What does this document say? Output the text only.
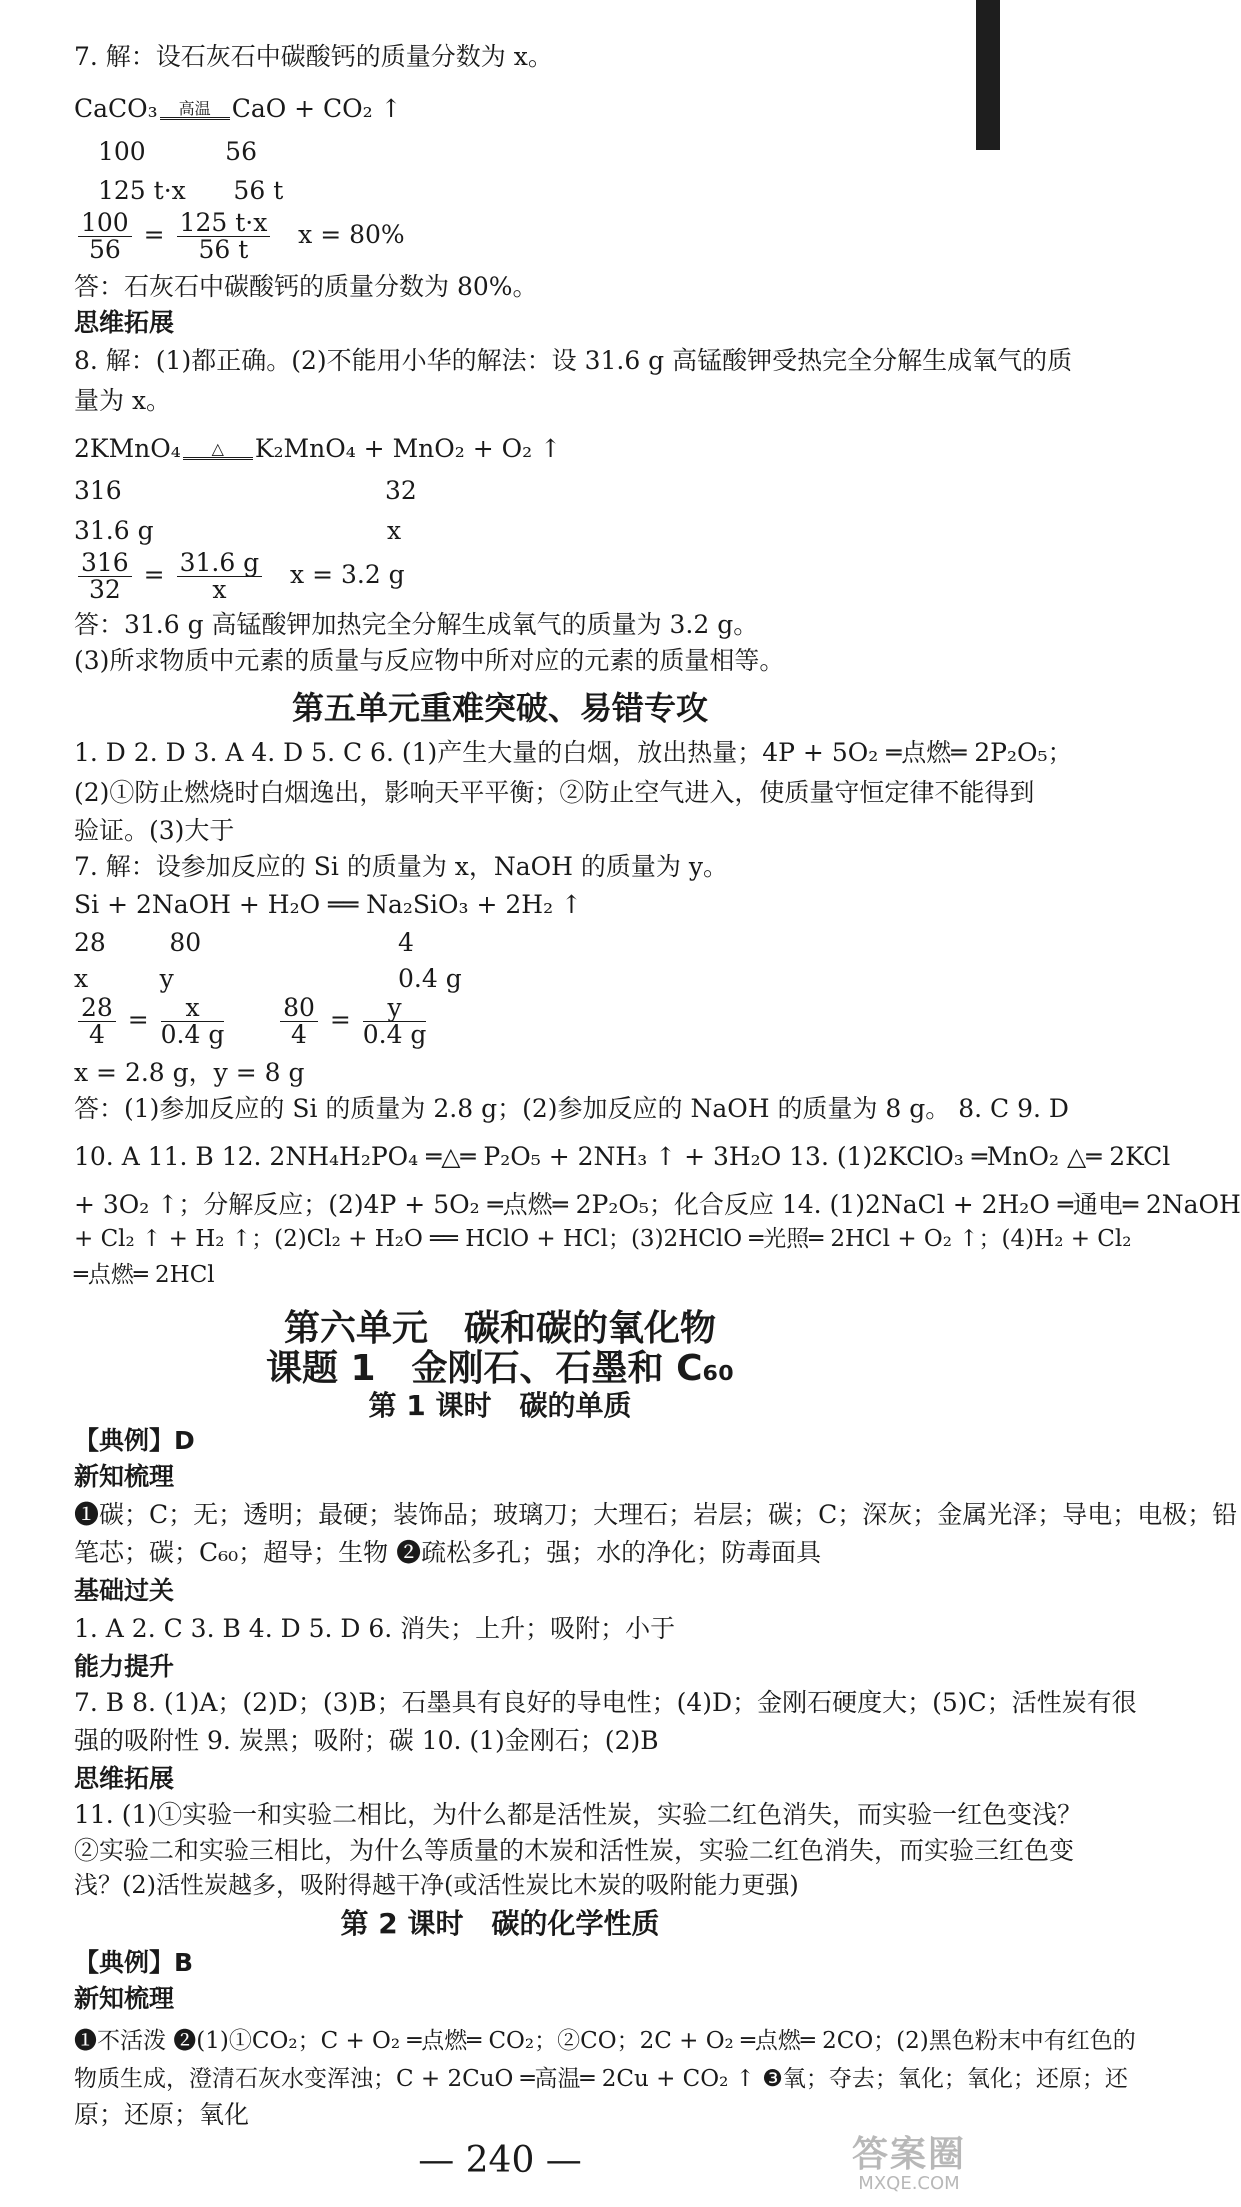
7. 解：设石灰石中碳酸钙的质量分数为 x。
CaCO₃	高温 CaO + CO₂ ↑
100          56
125 t·x      56 t
$\frac{100}{56} = \frac{125 t\cdot x}{56 t}$ x = 80%
答：石灰石中碳酸钙的质量分数为 80%。
思维拓展
8. 解：(1)都正确。(2)不能用小华的解法：设 31.6 g 高锰酸钾受热完全分解生成氧气的质
量为 x。
2KMnO₄	△	K₂MnO₄ + MnO₂ + O₂ ↑
316	32
31.6 g	x
$\frac{316}{32} = \frac{31.6 g}{x}$ x = 3.2 g
答：31.6 g 高锰酸钾加热完全分解生成氧气的质量为 3.2 g。
(3)所求物质中元素的质量与反应物中所对应的元素的质量相等。
第五单元重难突破、易错专攻
1. D 2. D 3. A 4. D 5. C 6. (1)产生大量的白烟，放出热量；4P + 5O₂ ═点燃═ 2P₂O₅；
(2)①防止燃烧时白烟逸出，影响天平平衡；②防止空气进入，使质量守恒定律不能得到
验证。(3)大于
7. 解：设参加反应的 Si 的质量为 x，NaOH 的质量为 y。
Si + 2NaOH + H₂O ══ Na₂SiO₃ + 2H₂ ↑
28        80	4
x         y	0.4 g
$\frac{28}{4} = \frac{x}{0.4 g}$
$\frac{80}{4} = \frac{y}{0.4 g}$
x = 2.8 g，y = 8 g
答：(1)参加反应的 Si 的质量为 2.8 g；(2)参加反应的 NaOH 的质量为 8 g。 8. C 9. D
10. A 11. B 12. 2NH₄H₂PO₄ ═△═ P₂O₅ + 2NH₃ ↑ + 3H₂O 13. (1)2KClO₃ ═MnO₂ △═ 2KCl
+ 3O₂ ↑；分解反应；(2)4P + 5O₂ ═点燃═ 2P₂O₅；化合反应 14. (1)2NaCl + 2H₂O ═通电═ 2NaOH
第六单元　碳和碳的氧化物
课题 1　金刚石、石墨和 C₆₀
第 1 课时　碳的单质
【典例】D
新知梳理
❶碳；C；无；透明；最硬；装饰品；玻璃刀；大理石；岩层；碳；C；深灰；金属光泽；导电；电极；铅
笔芯；碳；C₆₀；超导；生物 ❷疏松多孔；强；水的净化；防毒面具
基础过关
1. A 2. C 3. B 4. D 5. D 6. 消失；上升；吸附；小于
能力提升
7. B 8. (1)A；(2)D；(3)B；石墨具有良好的导电性；(4)D；金刚石硬度大；(5)C；活性炭有很
强的吸附性 9. 炭黑；吸附；碳 10. (1)金刚石；(2)B
思维拓展
11. (1)①实验一和实验二相比，为什么都是活性炭，实验二红色消失，而实验一红色变浅？
②实验二和实验三相比，为什么等质量的木炭和活性炭，实验二红色消失，而实验三红色变
第 2 课时　碳的化学性质
浅？(2)活性炭越多，吸附得越干净(或活性炭比木炭的吸附能力更强)
【典例】B
新知梳理
❶不活泼 ❷(1)①CO₂；C + O₂ ═点燃═ CO₂；②CO；2C + O₂ ═点燃═ 2CO；(2)黑色粉末中有红色的
物质生成，澄清石灰水变浑浊；C + 2CuO ═高温═ 2Cu + CO₂ ↑ ❸氧；夺去；氧化；氧化；还原；还
原；还原；氧化
— 240 —	答案圈
MXQE.COM
+ Cl₂ ↑ + H₂ ↑；(2)Cl₂ + H₂O ══ HClO + HCl；(3)2HClO ═光照═ 2HCl + O₂ ↑；(4)H₂ + Cl₂
═点燃═ 2HCl
